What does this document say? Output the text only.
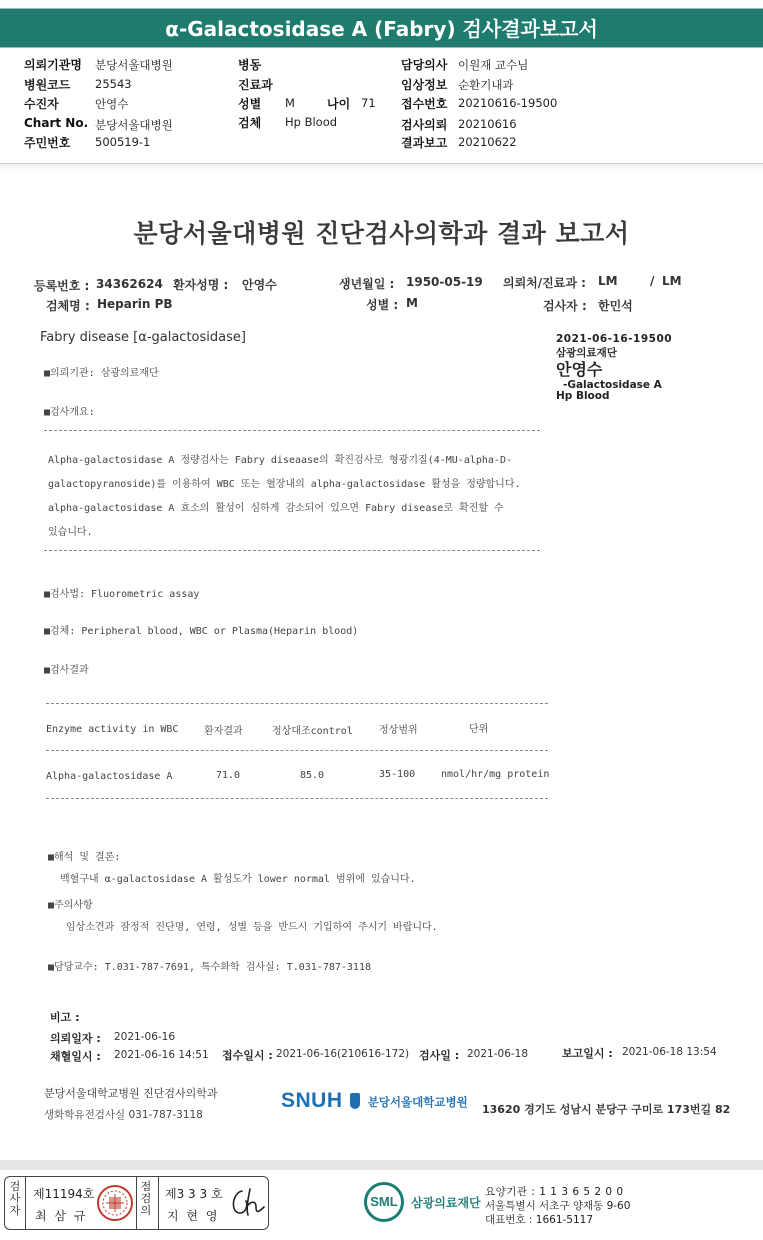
α-Galactosidase A (Fabry) 검사결과보고서
의뢰기관명 분당서울대병원
병원코드 25543
수진자	안영수
Chart No. 분당서울대병원
주민번호 500519-1
병동
진료과
성별 M
검체 Hp Blood
나이 71
담당의사 이원재 교수님
임상정보 순환기내과
접수번호 20210616-19500
검사의뢰 20210616
결과보고 20210622
분당서울대병원 진단검사의학과 결과 보고서
등록번호 : 34362624 환자성명 : 안영수	생년월일 : 1950-05-19 의뢰처/진료과 : LM	/ LM
검체명 : Heparin PB	성별 : M	검사자 : 한민석
Fabry disease [α-galactosidase]	2021-06-16-19500
삼광의료재단
안영수
-Galactosidase A
Hp Blood
■의뢰기관: 삼광의료재단
■검사개요:
Alpha-galactosidase A 정량검사는 Fabry diseaase의 확진검사로 형광기질(4-MU-alpha-D-
galactopyranoside)를 이용하여 WBC 또는 혈장내의 alpha-galactosidase 활성을 정량합니다.
alpha-galactosidase A 효소의 활성이 심하게 감소되어 있으면 Fabry disease로 확진할 수
있습니다.
■검사법: Fluorometric assay
■검체: Peripheral blood, WBC or Plasma(Heparin blood)
■검사결과
Enzyme activity in WBC	환자결과	정상대조control	정상범위	단위
Alpha-galactosidase A	71.0	85.0	35-100	nmol/hr/mg protein
■해석 및 결론:
백혈구내 α-galactosidase A 활성도가 lower normal 범위에 있습니다.
■주의사항
임상소견과 잠정적 진단명, 연령, 성별 등을 반드시 기입하여 주시기 바랍니다.
■담당교수: T.031-787-7691, 특수화학 검사실: T.031-787-3118
비고 :
의뢰일자 : 2021-06-16
채혈일시 : 2021-06-16 14:51 접수일시 : 2021-06-16(210616-172) 검사일 : 2021-06-18	보고일시 : 2021-06-18 13:54
분당서울대학교병원 진단검사의학과
생화학유전검사실 031-787-3118
SNUH $^{분당서울대학교병원}$
13620 경기도 성남시 분당구 구미로 173번길 82
검사자
제11194호
최 삼 규
점검의
제3 3 3 호
지 현 영
SML 삼광의료재단
요양기관 : 1 1 3 6 5 2 0 0
서울특별시 서초구 양재동 9-60
대표번호 : 1661-5117
